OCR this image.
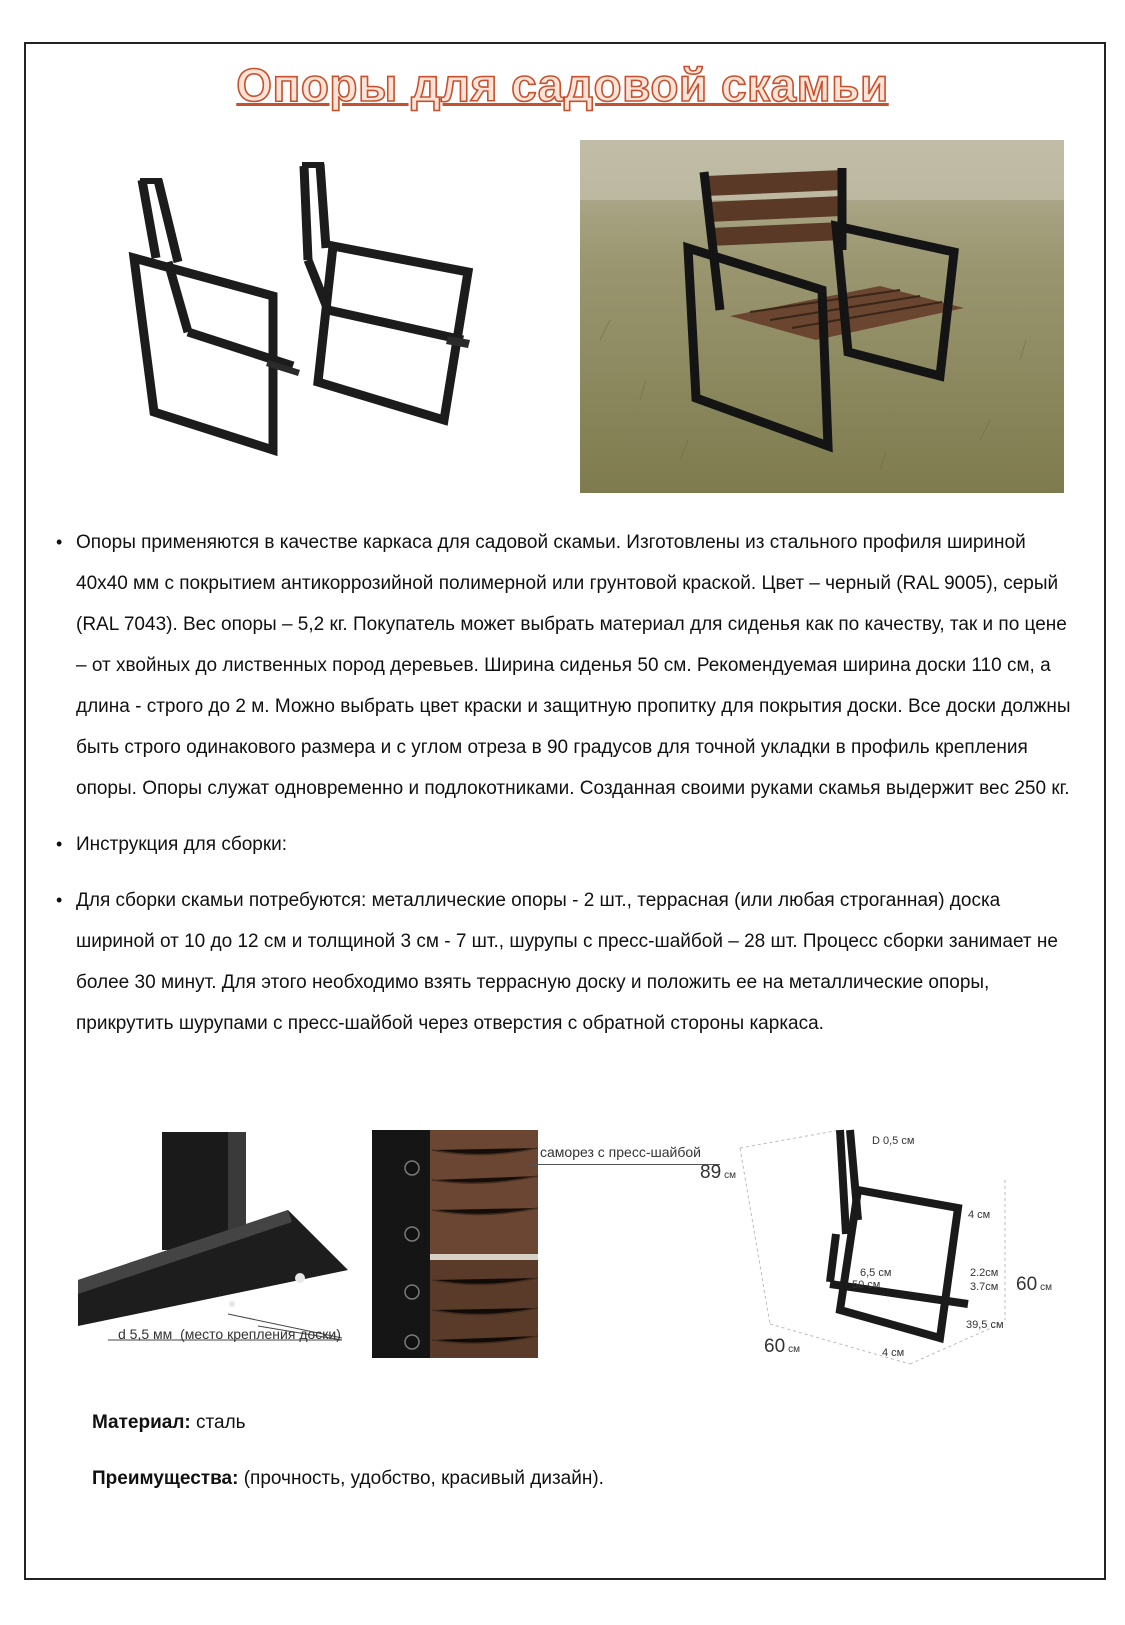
Опоры для садовой скамьи

• Опоры применяются в качестве каркаса для садовой скамьи. Изготовлены из стального профиля шириной 40х40 мм с покрытием антикоррозийной полимерной или грунтовой краской. Цвет – черный (RAL 9005), серый (RAL 7043). Вес опоры – 5,2 кг. Покупатель может выбрать материал для сиденья как по качеству, так и по цене – от хвойных до лиственных пород деревьев. Ширина сиденья 50 см. Рекомендуемая ширина доски 110 см, а длина - строго до 2 м. Можно выбрать цвет краски и защитную пропитку для покрытия доски. Все доски должны быть строго одинакового размера и с углом отреза в 90 градусов для точной укладки в профиль крепления опоры. Опоры служат одновременно и подлокотниками. Созданная своими руками скамья выдержит вес 250 кг.

• Инструкция для сборки:

• Для сборки скамьи потребуются: металлические опоры - 2 шт., террасная (или любая строганная) доска шириной от 10 до 12 см и толщиной 3 см - 7 шт., шурупы с пресс-шайбой – 28 шт. Процесс сборки занимает не более 30 минут. Для этого необходимо взять террасную доску и положить ее на металлические опоры, прикрутить шурупами с пресс-шайбой через отверстия с обратной стороны каркаса.

d 5,5 мм (место крепления доски)
саморез с пресс-шайбой
D 0,5 см
4 см
6,5 см
50 см
2.2см
3.7см
39,5 см
4 см
89 см
60 см
60 см

Материал: сталь

Преимущества: (прочность, удобство, красивый дизайн).
